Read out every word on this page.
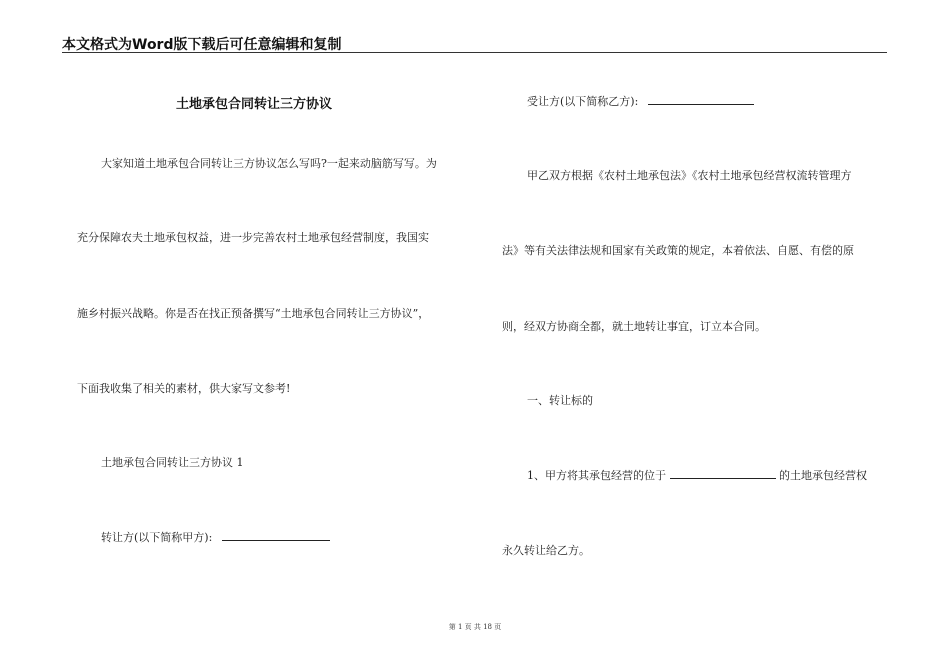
本文格式为Word版下载后可任意编辑和复制
土地承包合同转让三方协议
大家知道土地承包合同转让三方协议怎么写吗?一起来动脑筋写写。为
充分保障农夫土地承包权益，进一步完善农村土地承包经营制度，我国实
施乡村振兴战略。你是否在找正预备撰写“土地承包合同转让三方协议”，
下面我收集了相关的素材，供大家写文参考!
土地承包合同转让三方协议 1
转让方(以下简称甲方):
受让方(以下简称乙方):
甲乙双方根据《农村土地承包法》《农村土地承包经营权流转管理方
法》等有关法律法规和国家有关政策的规定，本着依法、自愿、有偿的原
则，经双方协商全都，就土地转让事宜，订立本合同。
一、转让标的
1、甲方将其承包经营的位于	的土地承包经营权
永久转让给乙方。
第 1 页 共 18 页
